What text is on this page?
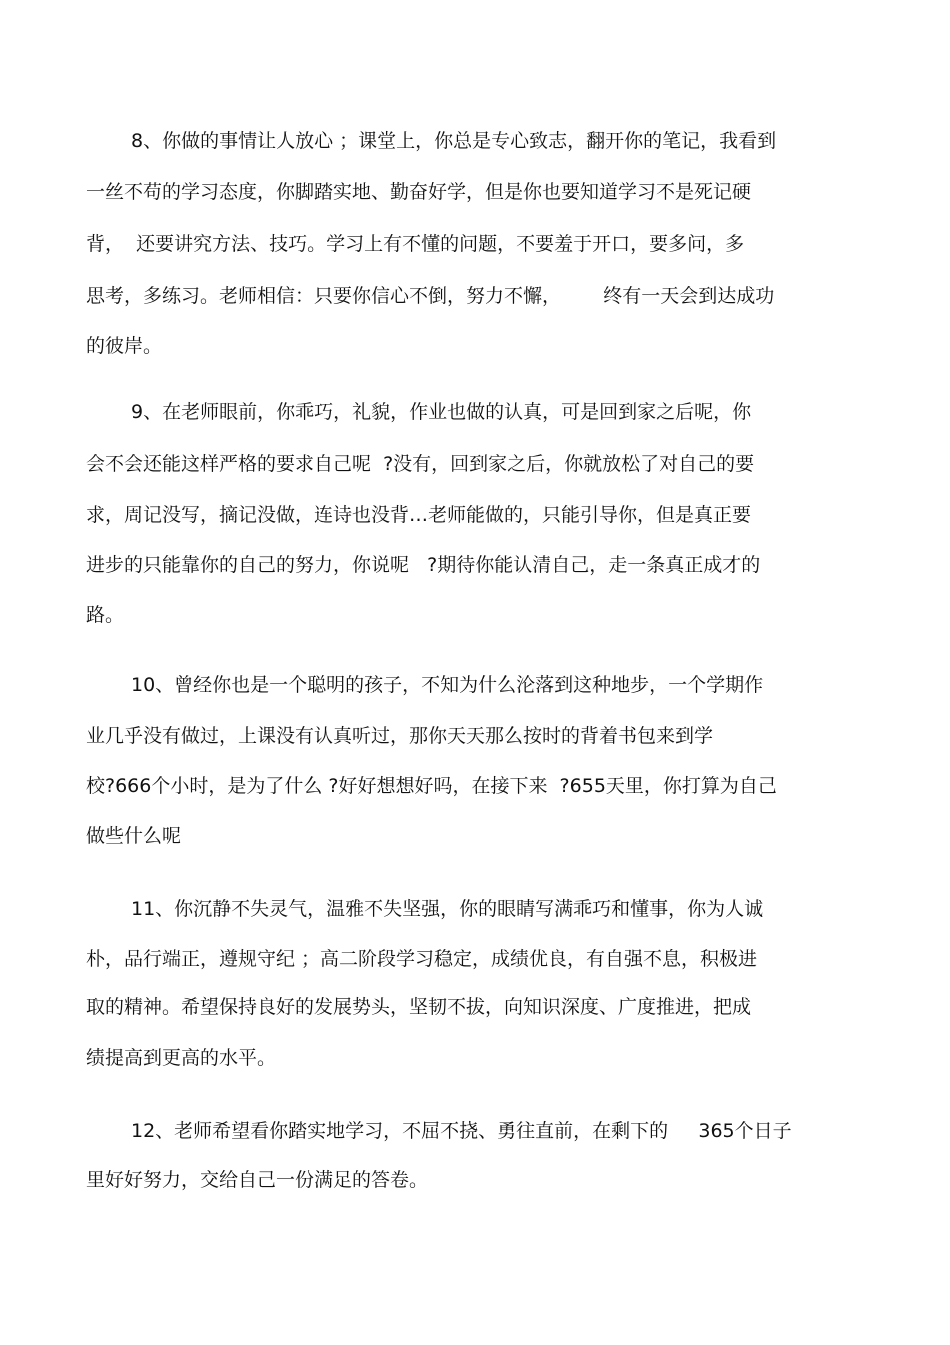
8、你做的事情让人放心 ；课堂上，你总是专心致志，翻开你的笔记，我看到
一丝不苟的学习态度，你脚踏实地、勤奋好学，但是你也要知道学习不是死记硬
背，  还要讲究方法、技巧。学习上有不懂的问题，不要羞于开口，要多问，多
思考，多练习。老师相信：只要你信心不倒，努力不懈，       终有一天会到达成功
的彼岸。
9、在老师眼前，你乖巧，礼貌，作业也做的认真，可是回到家之后呢，你
会不会还能这样严格的要求自己呢  ?没有，回到家之后，你就放松了对自己的要
求，周记没写，摘记没做，连诗也没背…老师能做的，只能引导你，但是真正要
进步的只能靠你的自己的努力，你说呢   ?期待你能认清自己，走一条真正成才的
路。
10、曾经你也是一个聪明的孩子，不知为什么沦落到这种地步，一个学期作
业几乎没有做过，上课没有认真听过，那你天天那么按时的背着书包来到学
校?666个小时，是为了什么 ?好好想想好吗，在接下来  ?655天里，你打算为自己
做些什么呢
11、你沉静不失灵气，温雅不失坚强，你的眼睛写满乖巧和懂事，你为人诚
朴，品行端正，遵规守纪 ；高二阶段学习稳定，成绩优良，有自强不息，积极进
取的精神。希望保持良好的发展势头，坚韧不拔，向知识深度、广度推进，把成
绩提高到更高的水平。
12、老师希望看你踏实地学习，不屈不挠、勇往直前，在剩下的     365个日子
里好好努力，交给自己一份满足的答卷。
